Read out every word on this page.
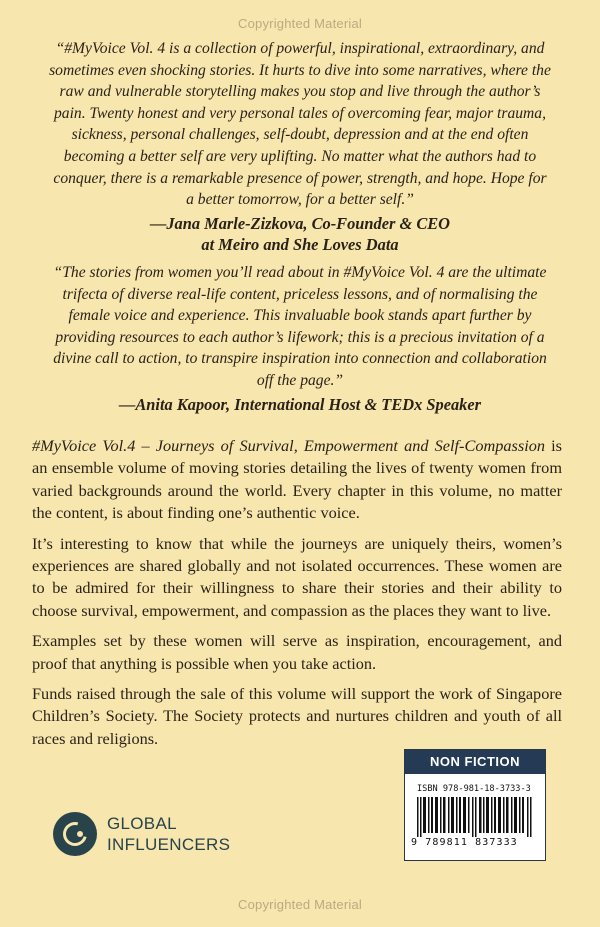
Copyrighted Material
“#MyVoice Vol. 4 is a collection of powerful, inspirational, extraordinary, and sometimes even shocking stories. It hurts to dive into some narratives, where the raw and vulnerable storytelling makes you stop and live through the author’s pain. Twenty honest and very personal tales of overcoming fear, major trauma, sickness, personal challenges, self-doubt, depression and at the end often becoming a better self are very uplifting. No matter what the authors had to conquer, there is a remarkable presence of power, strength, and hope. Hope for a better tomorrow, for a better self.”
—Jana Marle-Zizkova, Co-Founder & CEO
at Meiro and She Loves Data
“The stories from women you’ll read about in #MyVoice Vol. 4 are the ultimate trifecta of diverse real-life content, priceless lessons, and of normalising the female voice and experience. This invaluable book stands apart further by providing resources to each author’s lifework; this is a precious invitation of a divine call to action, to transpire inspiration into connection and collaboration off the page.”
—Anita Kapoor, International Host & TEDx Speaker

#MyVoice Vol.4 – Journeys of Survival, Empowerment and Self-Compassion is an ensemble volume of moving stories detailing the lives of twenty women from varied backgrounds around the world. Every chapter in this volume, no matter the content, is about finding one’s authentic voice.

It’s interesting to know that while the journeys are uniquely theirs, women’s experiences are shared globally and not isolated occurrences. These women are to be admired for their willingness to share their stories and their ability to choose survival, empowerment, and compassion as the places they want to live.

Examples set by these women will serve as inspiration, encouragement, and proof that anything is possible when you take action.

Funds raised through the sale of this volume will support the work of Singapore Children’s Society. The Society protects and nurtures children and youth of all races and religions.

GLOBAL
INFLUENCERS
NON FICTION
ISBN 978-981-18-3733-3
9 789811 837333
Copyrighted Material
